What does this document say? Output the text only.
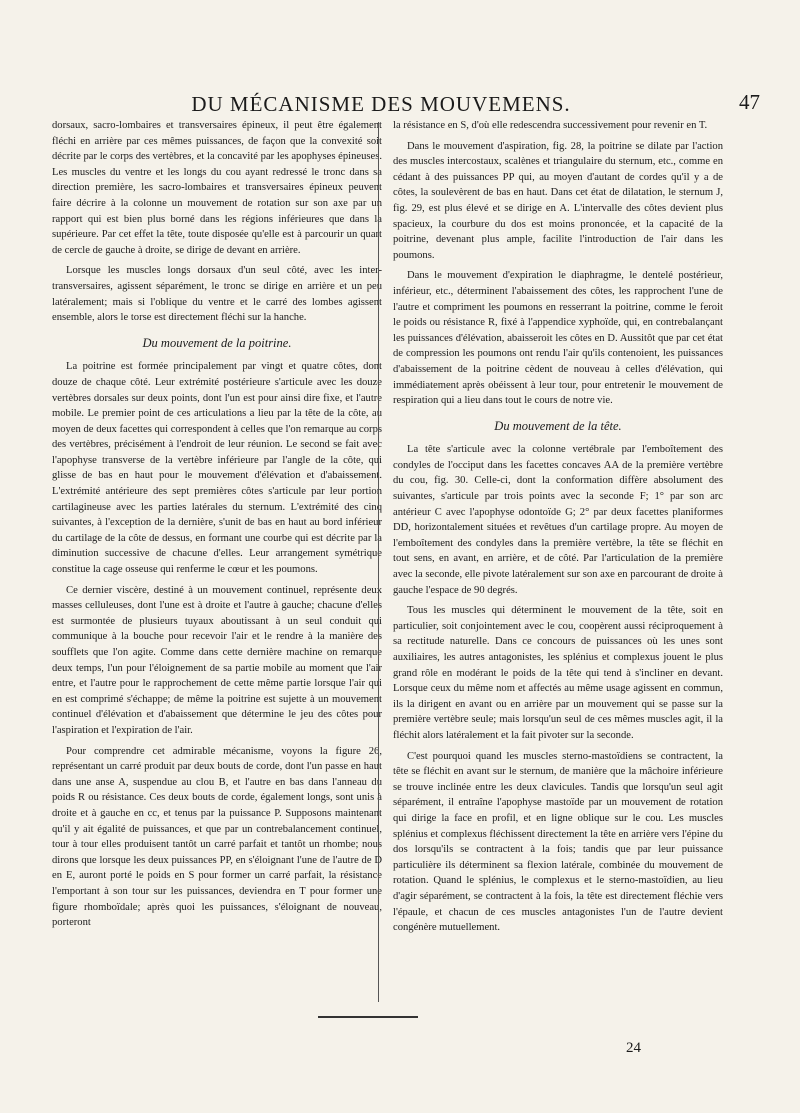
DU MÉCANISME DES MOUVEMENS.	47

dorsaux, sacro-lombaires et transversaires épineux, il peut être également fléchi en arrière par ces mêmes puissances, de façon que la convexité soit décrite par le corps des vertèbres, et la concavité par les apophyses épineuses. Les muscles du ventre et les longs du cou ayant redressé le tronc dans sa direction première, les sacro-lombaires et transversaires épineux peuvent faire décrire à la colonne un mouvement de rotation sur son axe par un rapport qui est bien plus borné dans les régions inférieures que dans la supérieure. Par cet effet la tête, toute disposée qu'elle est à parcourir un quart de cercle de gauche à droite, se dirige de devant en arrière.

Lorsque les muscles longs dorsaux d'un seul côté, avec les inter-transversaires, agissent séparément, le tronc se dirige en arrière et un peu latéralement; mais si l'oblique du ventre et le carré des lombes agissent ensemble, alors le torse est directement fléchi sur la hanche.

Du mouvement de la poitrine.

La poitrine est formée principalement par vingt et quatre côtes, dont douze de chaque côté. Leur extrémité postérieure s'articule avec les douze vertèbres dorsales sur deux points, dont l'un est pour ainsi dire fixe, et l'autre mobile. Le premier point de ces articulations a lieu par la tête de la côte, au moyen de deux facettes qui correspondent à celles que l'on remarque au corps des vertèbres, précisément à l'endroit de leur réunion. Le second se fait avec l'apophyse transverse de la vertèbre inférieure par l'angle de la côte, qui glisse de bas en haut pour le mouvement d'élévation et d'abaissement. L'extrémité antérieure des sept premières côtes s'articule par leur portion cartilagineuse avec les parties latérales du sternum. L'extrémité des cinq suivantes, à l'exception de la dernière, s'unit de bas en haut au bord inférieur du cartilage de la côte de dessus, en formant une courbe qui est décrite par la diminution successive de chacune d'elles. Leur arrangement symétrique constitue la cage osseuse qui renferme le cœur et les poumons.

Ce dernier viscère, destiné à un mouvement continuel, représente deux masses celluleuses, dont l'une est à droite et l'autre à gauche; chacune d'elles est surmontée de plusieurs tuyaux aboutissant à un seul conduit qui communique à la bouche pour recevoir l'air et le rendre à la manière des soufflets que l'on agite. Comme dans cette dernière machine on remarque deux temps, l'un pour l'éloignement de sa partie mobile au moment que l'air entre, et l'autre pour le rapprochement de cette même partie lorsque l'air qui en est comprimé s'échappe; de même la poitrine est sujette à un mouvement continuel d'élévation et d'abaissement que détermine le jeu des côtes pour l'aspiration et l'expiration de l'air.

Pour comprendre cet admirable mécanisme, voyons la figure 26, représentant un carré produit par deux bouts de corde, dont l'un passe en haut dans une anse A, suspendue au clou B, et l'autre en bas dans l'anneau du poids R ou résistance. Ces deux bouts de corde, également longs, sont unis à droite et à gauche en cc, et tenus par la puissance P. Supposons maintenant qu'il y ait égalité de puissances, et que par un contrebalancement continuel, tour à tour elles produisent tantôt un carré parfait et tantôt un rhombe; nous dirons que lorsque les deux puissances PP, en s'éloignant l'une de l'autre de D en E, auront porté le poids en S pour former un carré parfait, la résistance l'emportant à son tour sur les puissances, deviendra en T pour former une figure rhomboïdale; après quoi les puissances, s'éloignant de nouveau, porteront

la résistance en S, d'où elle redescendra successivement pour revenir en T.

Dans le mouvement d'aspiration, fig. 28, la poitrine se dilate par l'action des muscles intercostaux, scalènes et triangulaire du sternum, etc., comme en cédant à des puissances PP qui, au moyen d'autant de cordes qu'il y a de côtes, la soulevèrent de bas en haut. Dans cet état de dilatation, le sternum J, fig. 29, est plus élevé et se dirige en A. L'intervalle des côtes devient plus spacieux, la courbure du dos est moins prononcée, et la capacité de la poitrine, devenant plus ample, facilite l'introduction de l'air dans les poumons.

Dans le mouvement d'expiration le diaphragme, le dentelé postérieur, inférieur, etc., déterminent l'abaissement des côtes, les rapprochent l'une de l'autre et compriment les poumons en resserrant la poitrine, comme le feroit le poids ou résistance R, fixé à l'appendice xyphoïde, qui, en contrebalançant les puissances d'élévation, abaisseroit les côtes en D. Aussitôt que par cet état de compression les poumons ont rendu l'air qu'ils contenoient, les puissances d'abaissement de la poitrine cèdent de nouveau à celles d'élévation, qui immédiatement après obéissent à leur tour, pour entretenir le mouvement de respiration qui a lieu dans tout le cours de notre vie.

Du mouvement de la tête.

La tête s'articule avec la colonne vertébrale par l'emboîtement des condyles de l'occiput dans les facettes concaves AA de la première vertèbre du cou, fig. 30. Celle-ci, dont la conformation diffère absolument des suivantes, s'articule par trois points avec la seconde F; 1° par son arc antérieur C avec l'apophyse odontoïde G; 2° par deux facettes planiformes DD, horizontalement situées et revêtues d'un cartilage propre. Au moyen de l'emboîtement des condyles dans la première vertèbre, la tête se fléchit en tout sens, en avant, en arrière, et de côté. Par l'articulation de la première avec la seconde, elle pivote latéralement sur son axe en parcourant de droite à gauche l'espace de 90 degrés.

Tous les muscles qui déterminent le mouvement de la tête, soit en particulier, soit conjointement avec le cou, coopèrent aussi réciproquement à sa rectitude naturelle. Dans ce concours de puissances où les unes sont auxiliaires, les autres antagonistes, les splénius et complexus jouent le plus grand rôle en modérant le poids de la tête qui tend à s'incliner en devant. Lorsque ceux du même nom et affectés au même usage agissent en commun, ils la dirigent en avant ou en arrière par un mouvement qui se passe sur la première vertèbre seule; mais lorsqu'un seul de ces mêmes muscles agit, il la fléchit alors latéralement et la fait pivoter sur la seconde.

C'est pourquoi quand les muscles sterno-mastoïdiens se contractent, la tête se fléchit en avant sur le sternum, de manière que la mâchoire inférieure se trouve inclinée entre les deux clavicules. Tandis que lorsqu'un seul agit séparément, il entraîne l'apophyse mastoïde par un mouvement de rotation qui dirige la face en profil, et en ligne oblique sur le cou. Les muscles splénius et complexus fléchissent directement la tête en arrière vers l'épine du dos lorsqu'ils se contractent à la fois; tandis que par leur puissance particulière ils déterminent sa flexion latérale, combinée du mouvement de rotation. Quand le splénius, le complexus et le sterno-mastoïdien, au lieu d'agir séparément, se contractent à la fois, la tête est directement fléchie vers l'épaule, et chacun de ces muscles antagonistes l'un de l'autre devient congénère mutuellement.

24
